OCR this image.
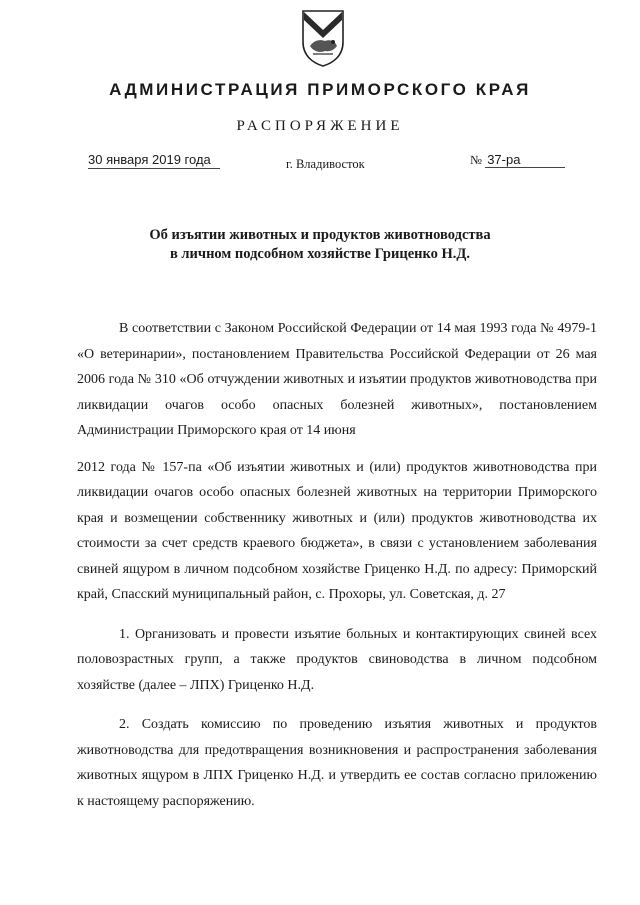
АДМИНИСТРАЦИЯ ПРИМОРСКОГО КРАЯ
РАСПОРЯЖЕНИЕ
30 января 2019 года	г. Владивосток	№ 37-ра
Об изъятии животных и продуктов животноводства
в личном подсобном хозяйстве Гриценко Н.Д.

В соответствии с Законом Российской Федерации от 14 мая 1993 года № 4979-1 «О ветеринарии», постановлением Правительства Российской Федерации от 26 мая 2006 года № 310 «Об отчуждении животных и изъятии продуктов животноводства при ликвидации очагов особо опасных болезней животных», постановлением Администрации Приморского края от 14 июня

2012 года № 157-па «Об изъятии животных и (или) продуктов животноводства при ликвидации очагов особо опасных болезней животных на территории Приморского края и возмещении собственнику животных и (или) продуктов животноводства их стоимости за счет средств краевого бюджета», в связи с установлением заболевания свиней ящуром в личном подсобном хозяйстве Гриценко Н.Д. по адресу: Приморский край, Спасский муниципальный район, с. Прохоры, ул. Советская, д. 27

1. Организовать и провести изъятие больных и контактирующих свиней всех половозрастных групп, а также продуктов свиноводства в личном подсобном хозяйстве (далее – ЛПХ) Гриценко Н.Д.

2. Создать комиссию по проведению изъятия животных и продуктов животноводства для предотвращения возникновения и распространения заболевания животных ящуром в ЛПХ Гриценко Н.Д. и утвердить ее состав согласно приложению к настоящему распоряжению.
